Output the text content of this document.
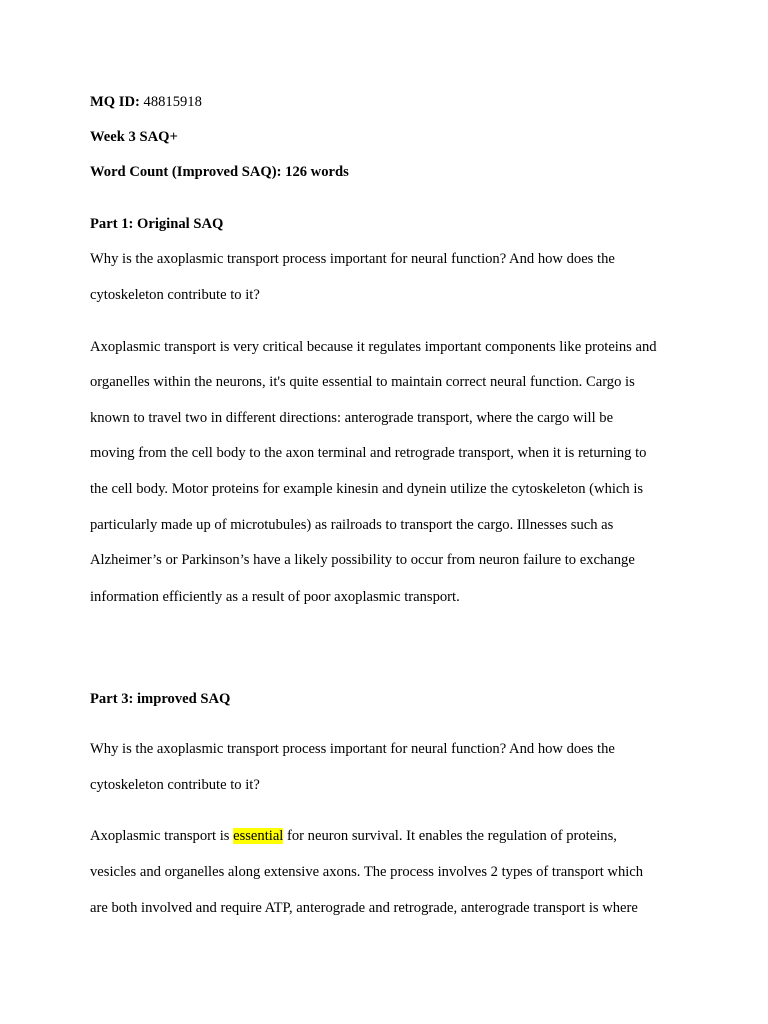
MQ ID: 48815918
Week 3 SAQ+
Word Count (Improved SAQ): 126 words
Part 1: Original SAQ
Why is the axoplasmic transport process important for neural function? And how does the
cytoskeleton contribute to it?
Axoplasmic transport is very critical because it regulates important components like proteins and
organelles within the neurons, it's quite essential to maintain correct neural function. Cargo is
known to travel two in different directions: anterograde transport, where the cargo will be
moving from the cell body to the axon terminal and retrograde transport, when it is returning to
the cell body. Motor proteins for example kinesin and dynein utilize the cytoskeleton (which is
particularly made up of microtubules) as railroads to transport the cargo. Illnesses such as
Alzheimer’s or Parkinson’s have a likely possibility to occur from neuron failure to exchange
information efficiently as a result of poor axoplasmic transport.
Part 3: improved SAQ
Why is the axoplasmic transport process important for neural function? And how does the
cytoskeleton contribute to it?
Axoplasmic transport is essential for neuron survival. It enables the regulation of proteins,
vesicles and organelles along extensive axons. The process involves 2 types of transport which
are both involved and require ATP, anterograde and retrograde, anterograde transport is where
